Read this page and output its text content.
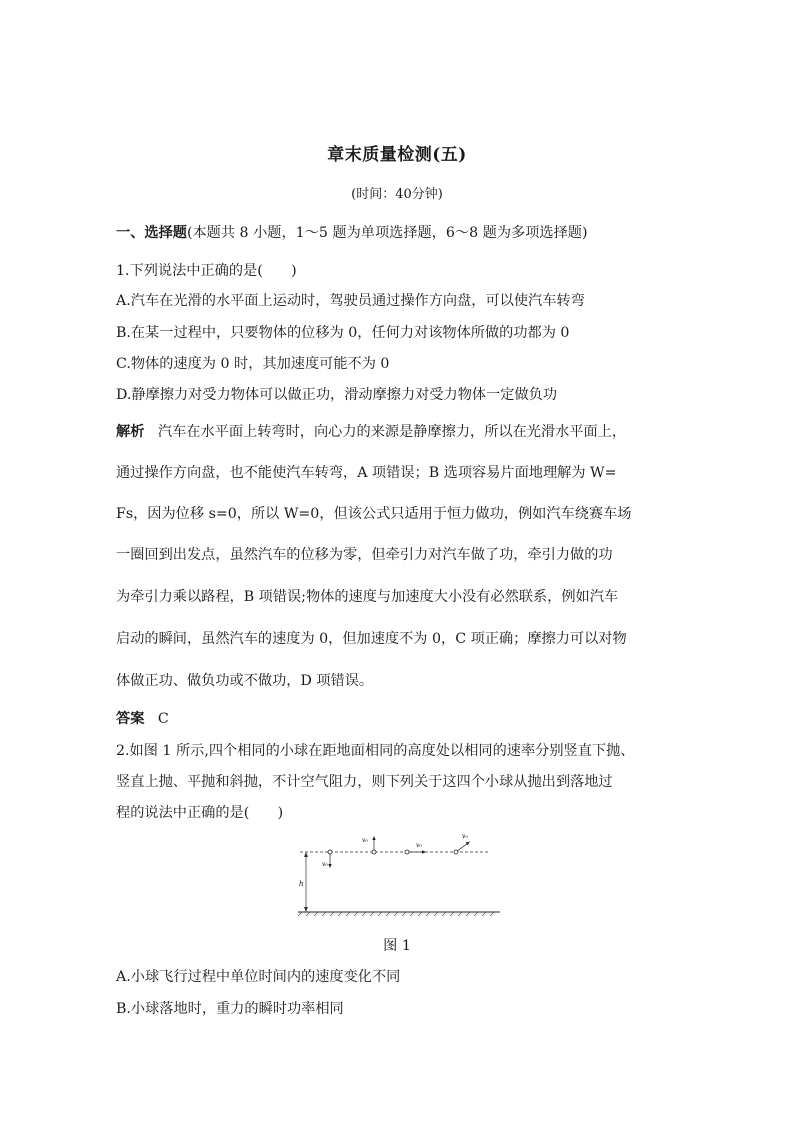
章末质量检测(五)
(时间：40分钟)
一、选择题(本题共 8 小题，1～5 题为单项选择题，6～8 题为多项选择题)
1.下列说法中正确的是(　　)
A.汽车在光滑的水平面上运动时，驾驶员通过操作方向盘，可以使汽车转弯
B.在某一过程中，只要物体的位移为 0，任何力对该物体所做的功都为 0
C.物体的速度为 0 时，其加速度可能不为 0
D.静摩擦力对受力物体可以做正功，滑动摩擦力对受力物体一定做负功
解析 汽车在水平面上转弯时，向心力的来源是静摩擦力，所以在光滑水平面上，
通过操作方向盘，也不能使汽车转弯，A 项错误；B 选项容易片面地理解为 W=
Fs，因为位移 s=0，所以 W=0，但该公式只适用于恒力做功，例如汽车绕赛车场
一圈回到出发点，虽然汽车的位移为零，但牵引力对汽车做了功，牵引力做的功
为牵引力乘以路程，B 项错误;物体的速度与加速度大小没有必然联系，例如汽车
启动的瞬间，虽然汽车的速度为 0，但加速度不为 0，C 项正确；摩擦力可以对物
体做正功、做负功或不做功，D 项错误。
答案 C
2.如图 1 所示,四个相同的小球在距地面相同的高度处以相同的速率分别竖直下抛、
竖直上抛、平抛和斜抛，不计空气阻力，则下列关于这四个小球从抛出到落地过
程的说法中正确的是(　　)
h
v₀
v₀
v₀
v₀
图 1
A.小球飞行过程中单位时间内的速度变化不同
B.小球落地时，重力的瞬时功率相同
